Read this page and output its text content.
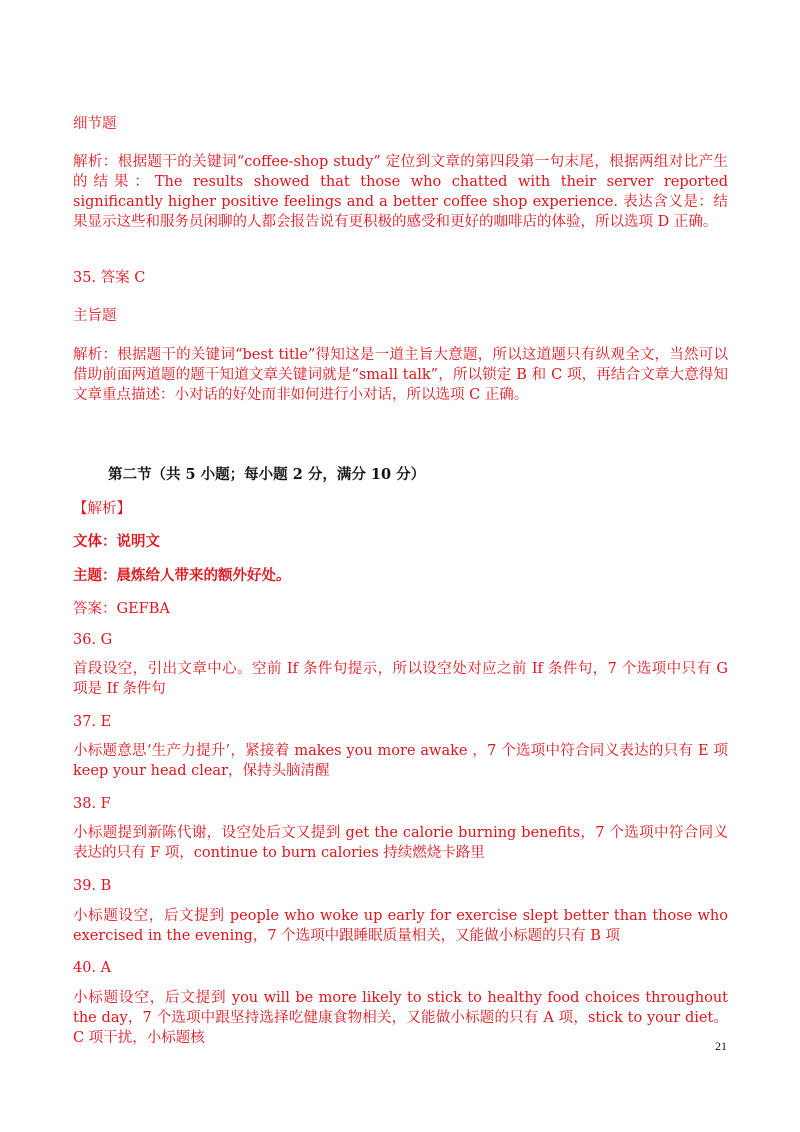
细节题

解析：根据题干的关键词“coffee-shop study” 定位到文章的第四段第一句末尾，根据两组对比产生的结果：The results showed that those who chatted with their server reported significantly higher positive feelings and a better coffee shop experience. 表达含义是：结果显示这些和服务员闲聊的人都会报告说有更积极的感受和更好的咖啡店的体验，所以选项 D 正确。

35. 答案 C

主旨题

解析：根据题干的关键词“best title”得知这是一道主旨大意题，所以这道题只有纵观全文，当然可以借助前面两道题的题干知道文章关键词就是“small talk”，所以锁定 B 和 C 项，再结合文章大意得知文章重点描述：小对话的好处而非如何进行小对话，所以选项 C 正确。

第二节（共 5 小题；每小题 2 分，满分 10 分）

【解析】

文体：说明文

主题：晨炼给人带来的额外好处。

答案：GEFBA

36. G

首段设空，引出文章中心。空前 If 条件句提示，所以设空处对应之前 If 条件句，7 个选项中只有 G 项是 If 条件句

37. E

小标题意思‘生产力提升’，紧接着 makes you more awake ，7 个选项中符合同义表达的只有 E 项 keep your head clear，保持头脑清醒

38. F

小标题提到新陈代谢，设空处后文又提到 get the calorie burning benefits，7 个选项中符合同义表达的只有 F 项，continue to burn calories 持续燃烧卡路里

39. B

小标题设空，后文提到 people who woke up early for exercise slept better than those who exercised in the evening，7 个选项中跟睡眠质量相关，又能做小标题的只有 B 项

40. A

小标题设空，后文提到 you will be more likely to stick to healthy food choices throughout the day，7 个选项中跟坚持选择吃健康食物相关，又能做小标题的只有 A 项，stick to your diet。C 项干扰，小标题核	21
